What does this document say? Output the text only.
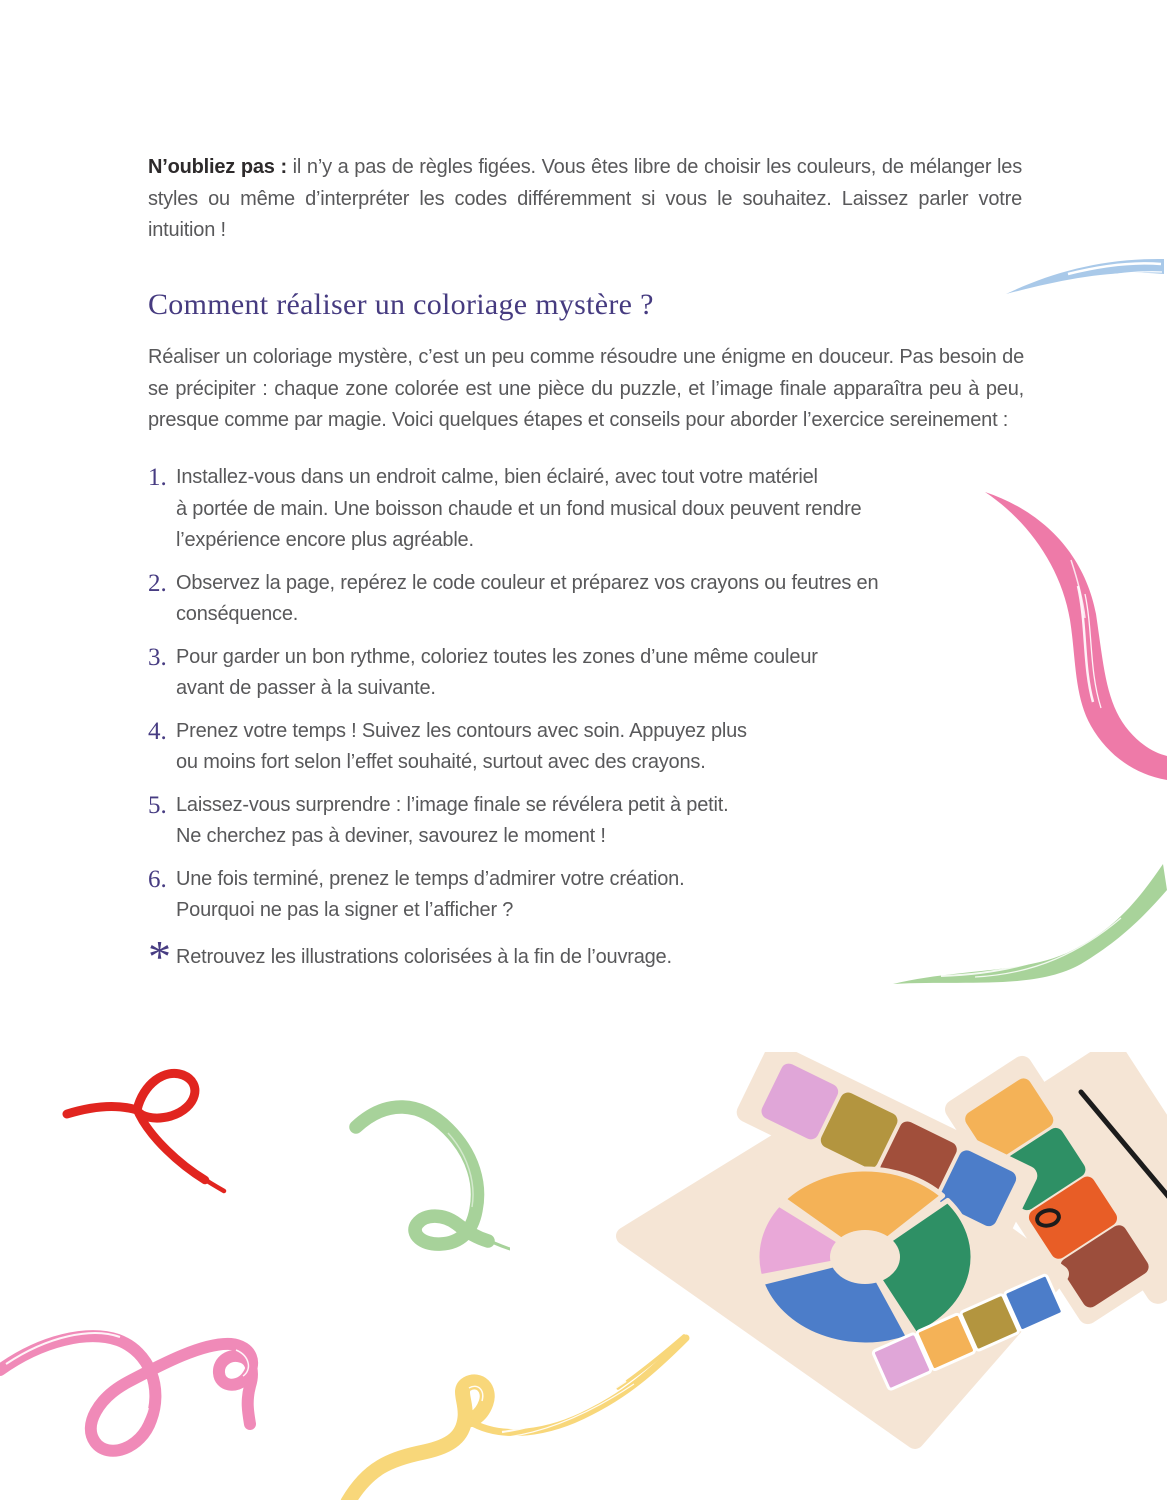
N’oubliez pas : il n’y a pas de règles figées. Vous êtes libre de choisir les couleurs, de mélanger les styles ou même d’interpréter les codes différemment si vous le souhaitez. Laissez parler votre intuition !

Comment réaliser un coloriage mystère ?

Réaliser un coloriage mystère, c’est un peu comme résoudre une énigme en douceur. Pas besoin de se précipiter : chaque zone colorée est une pièce du puzzle, et l’image finale apparaîtra peu à peu, presque comme par magie. Voici quelques étapes et conseils pour aborder l’exercice sereinement :

1. Installez-vous dans un endroit calme, bien éclairé, avec tout votre matériel
à portée de main. Une boisson chaude et un fond musical doux peuvent rendre
l’expérience encore plus agréable.
2. Observez la page, repérez le code couleur et préparez vos crayons ou feutres en
conséquence.
3. Pour garder un bon rythme, coloriez toutes les zones d’une même couleur
avant de passer à la suivante.
4. Prenez votre temps ! Suivez les contours avec soin. Appuyez plus
ou moins fort selon l’effet souhaité, surtout avec des crayons.
5. Laissez-vous surprendre : l’image finale se révélera petit à petit.
Ne cherchez pas à deviner, savourez le moment !
6. Une fois terminé, prenez le temps d’admirer votre création.
Pourquoi ne pas la signer et l’afficher ?
* Retrouvez les illustrations colorisées à la fin de l’ouvrage.
